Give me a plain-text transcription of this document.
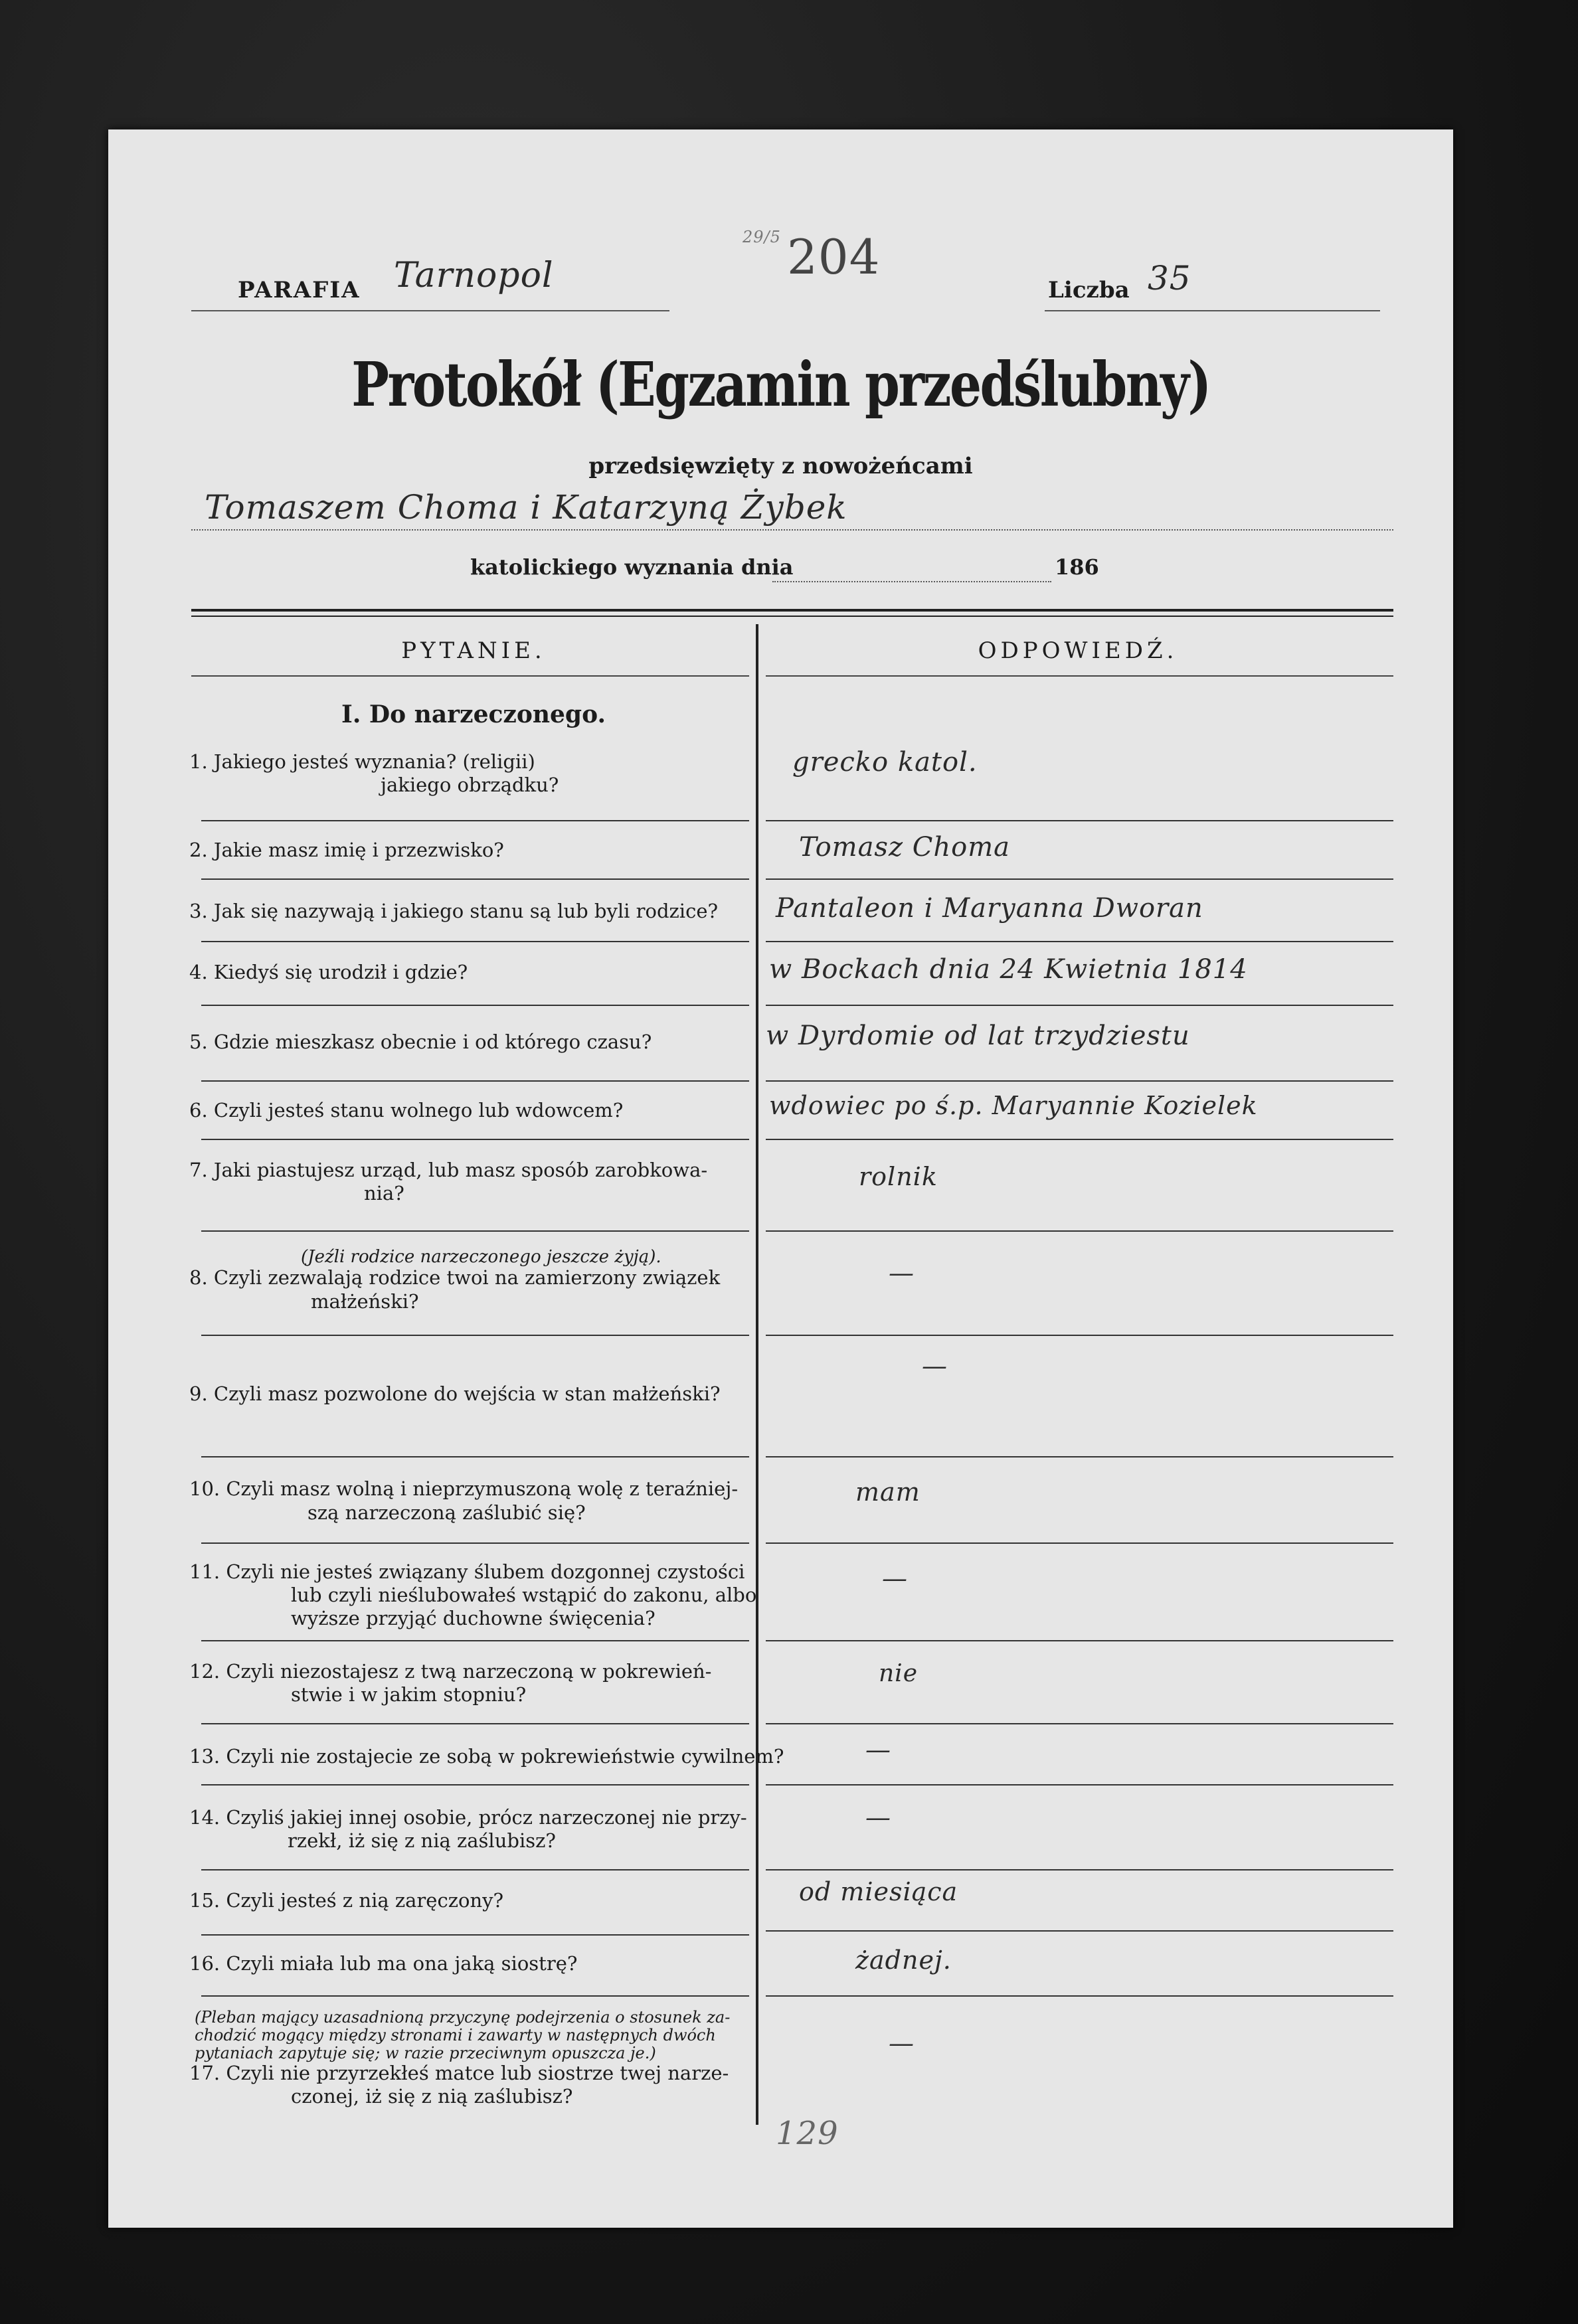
PARAFIA Tarnopol
29/5 204
Liczba 35
Protokół (Egzamin przedślubny)
przedsięwzięty z nowożeńcami
Tomaszem Choma i Katarzyną Żybek
katolickiego wyznania dnia	186
PYTANIE.	ODPOWIEDŹ.
I. Do narzeczonego.
1. Jakiego jesteś wyznania? (religii)
jakiego obrządku?
grecko katol.
2. Jakie masz imię i przezwisko?	Tomasz Choma
3. Jak się nazywają i jakiego stanu są lub byli rodzice? Pantaleon i Maryanna Dworan
4. Kiedyś się urodził i gdzie?	w Bockach dnia 24 Kwietnia 1814
5. Gdzie mieszkasz obecnie i od którego czasu?	w Dyrdomie od lat trzydziestu
6. Czyli jesteś stanu wolnego lub wdowcem?	wdowiec po ś.p. Maryannie Kozielek
7. Jaki piastujesz urząd, lub masz sposób zarobkowa-
nia?
rolnik
(Jeźli rodzice narzeczonego jeszcze żyją).
8. Czyli zezwalają rodzice twoi na zamierzony związek
małżeński?
—
9. Czyli masz pozwolone do wejścia w stan małżeński?
—
10. Czyli masz wolną i nieprzymuszoną wolę z teraźniej-
szą narzeczoną zaślubić się?
mam
11. Czyli nie jesteś związany ślubem dozgonnej czystości
lub czyli nieślubowałeś wstąpić do zakonu, albo
wyższe przyjąć duchowne święcenia?
—
12. Czyli niezostajesz z twą narzeczoną w pokrewień-
stwie i w jakim stopniu?
nie
13. Czyli nie zostajecie ze sobą w pokrewieństwie cywilnem?	—
14. Czyliś jakiej innej osobie, prócz narzeczonej nie przy-
rzekł, iż się z nią zaślubisz?
—
15. Czyli jesteś z nią zaręczony?	od miesiąca
16. Czyli miała lub ma ona jaką siostrę?	żadnej.
(Pleban mający uzasadnioną przyczynę podejrzenia o stosunek za-
chodzić mogący między stronami i zawarty w następnych dwóch
pytaniach zapytuje się; w razie przeciwnym opuszcza je.)
17. Czyli nie przyrzekłeś matce lub siostrze twej narze-
czonej, iż się z nią zaślubisz?
—
129
